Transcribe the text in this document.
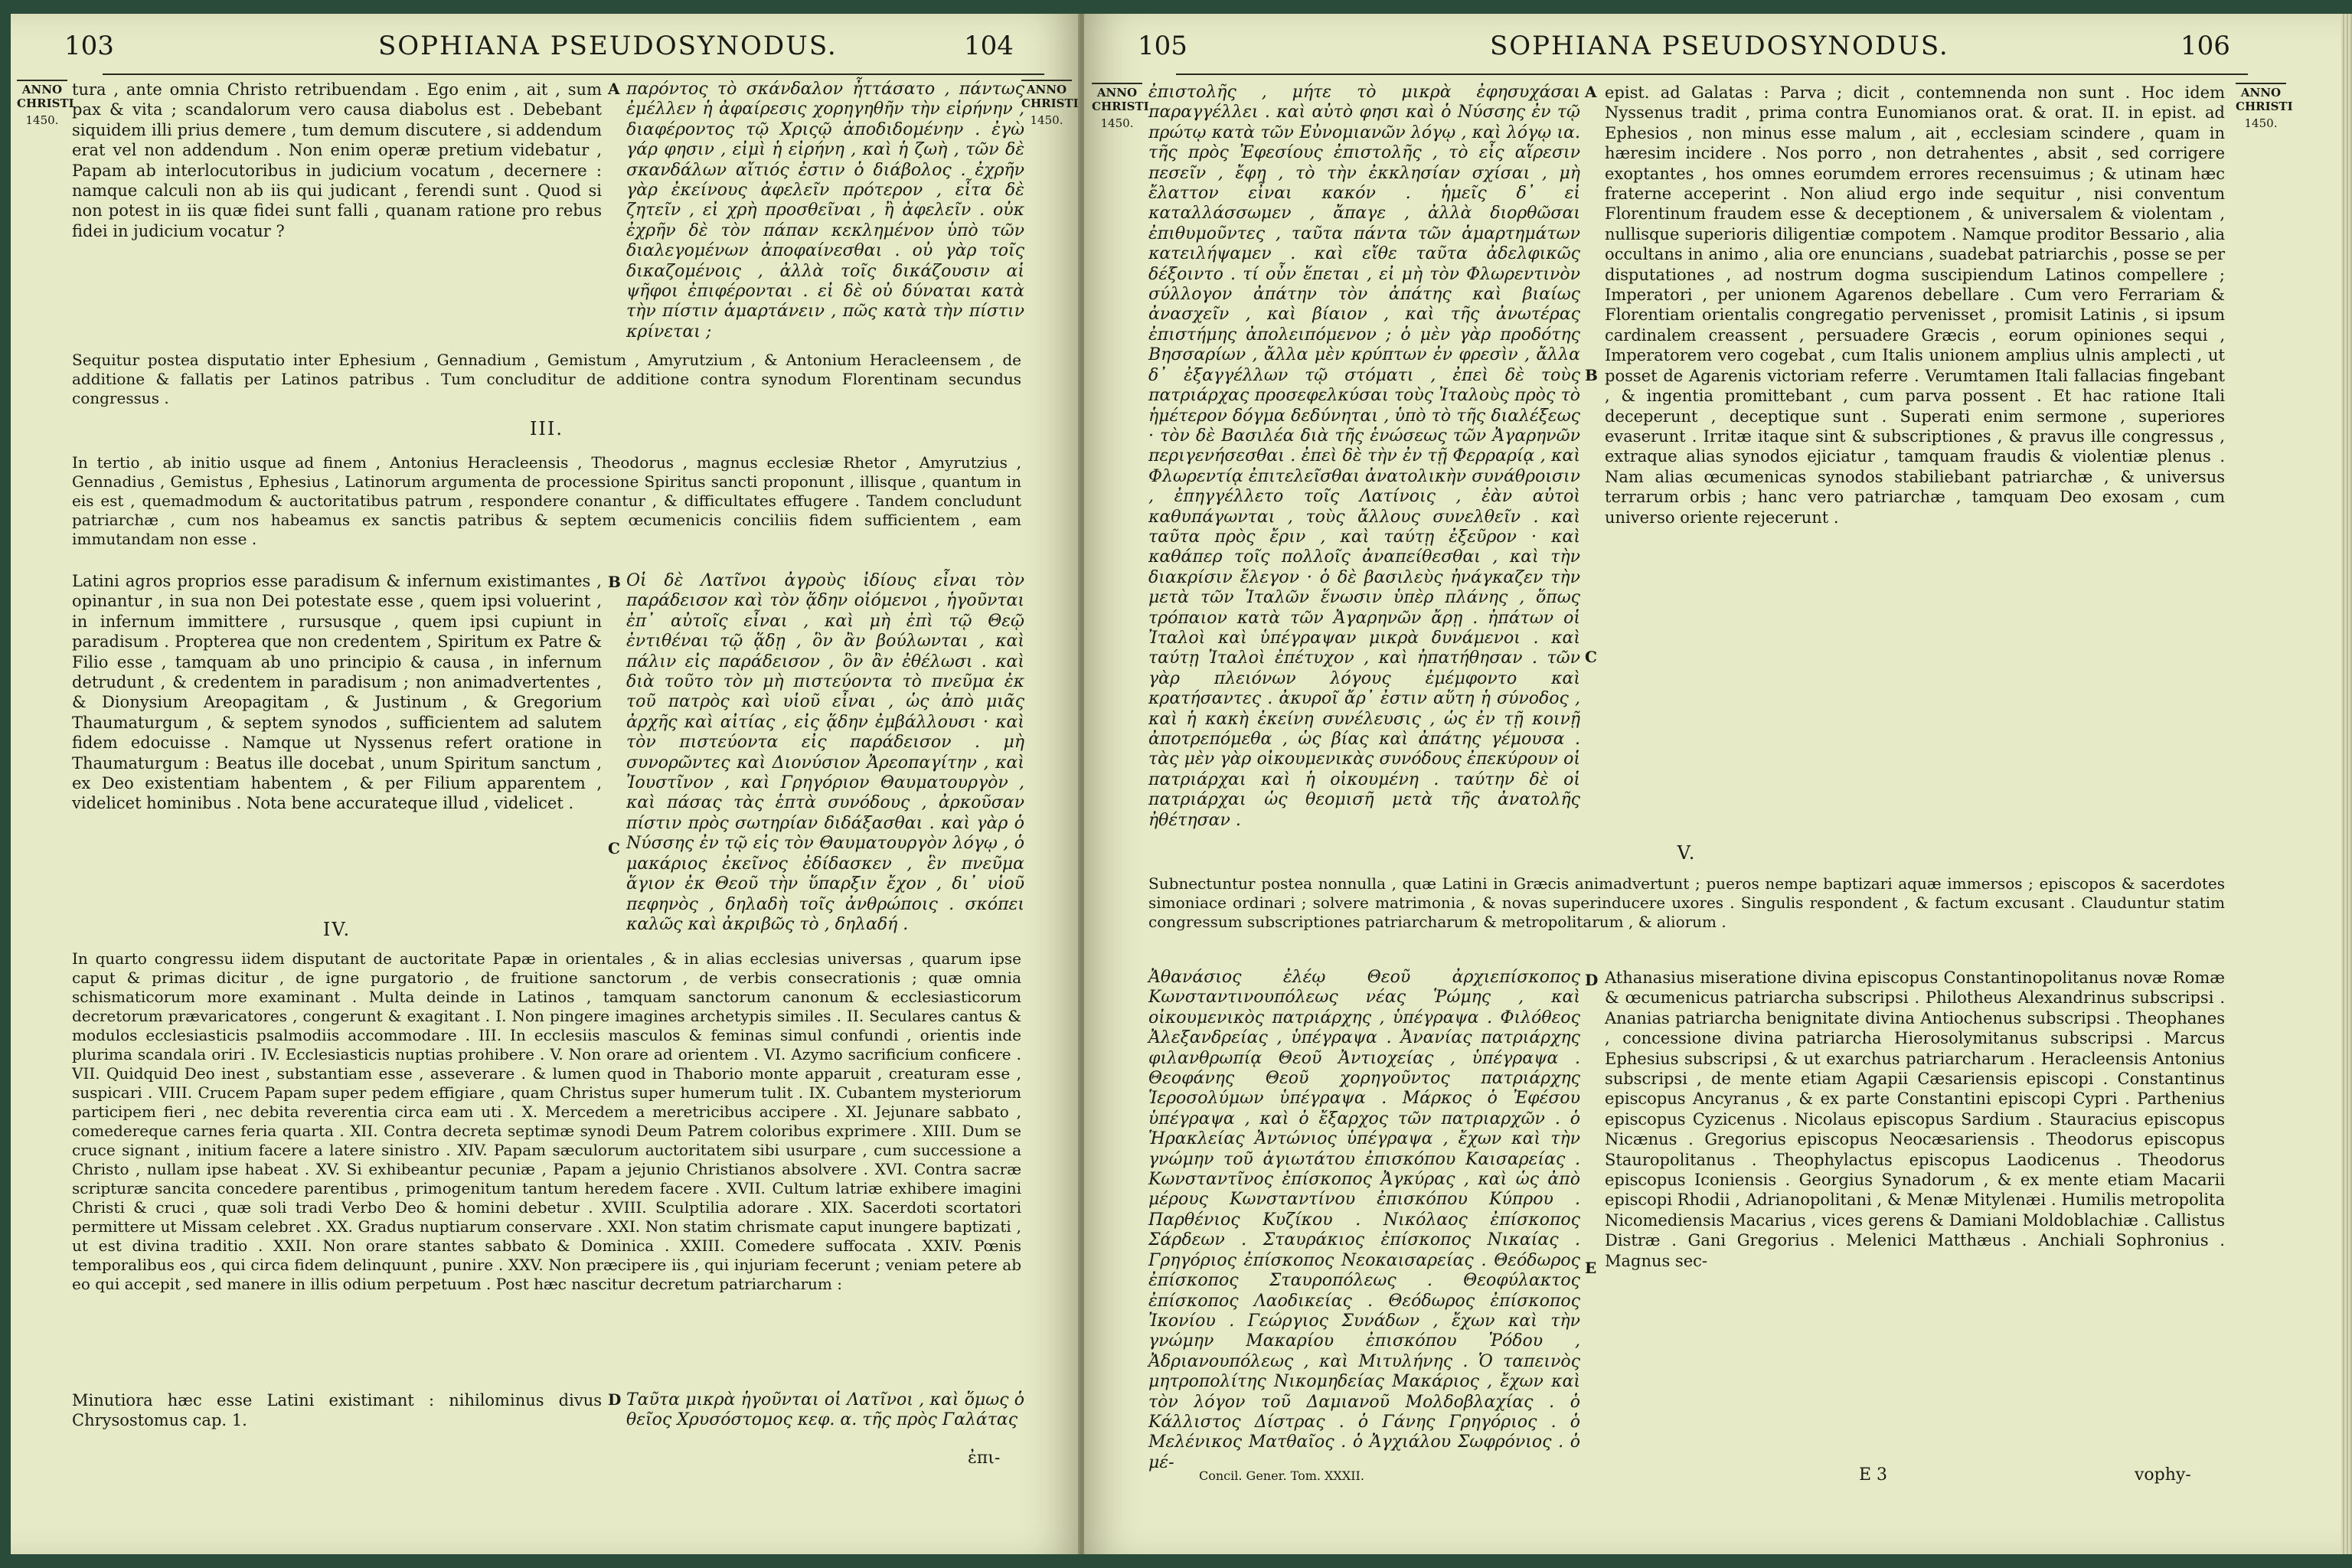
103	SOPHIANA PSEUDOSYNODUS.	104
ANNO
CHRISTI
1450.
ANNO
CHRISTI
1450.
tura , ante omnia Christo retribuendam . Ego enim , ait , sum pax & vita ; scandalorum vero causa diabolus est . Debebant siquidem illi prius demere , tum demum discutere , si addendum erat vel non addendum . Non enim operæ pretium videbatur , Papam ab interlocutoribus in judicium vocatum , decernere : namque calculi non ab iis qui judicant , ferendi sunt . Quod si non potest in iis quæ fidei sunt falli , quanam ratione pro rebus fidei in judicium vocatur ?
A παρόντος τὸ σκάνδαλον ἦττάσατο , πάντως ἐμέλλεν ἡ ἀφαίρεσις χορηγηθῆν τὴν εἰρήνην , διαφέροντος τῷ Χριςῷ ἀποδιδομένην . ἐγὼ γάρ φησιν , εἰμὶ ἡ εἰρήνη , καὶ ἡ ζωὴ , τῶν δὲ σκανδάλων αἴτιός ἐστιν ὁ διάβολος . ἐχρῆν γὰρ ἐκείνους ἀφελεῖν πρότερον , εἶτα δὲ ζητεῖν , εἰ χρὴ προσθεῖναι , ἢ ἀφελεῖν . οὐκ ἐχρῆν δὲ τὸν πάπαν κεκλημένον ὑπὸ τῶν διαλεγομένων ἀποφαίνεσθαι . οὐ γὰρ τοῖς δικαζομένοις , ἀλλὰ τοῖς δικάζουσιν αἱ ψῆφοι ἐπιφέρονται . εἰ δὲ οὐ δύναται κατὰ τὴν πίστιν ἁμαρτάνειν , πῶς κατὰ τὴν πίστιν κρίνεται ;
Sequitur postea disputatio inter Ephesium , Gennadium , Gemistum , Amyrutzium , & Antonium Heracleensem , de additione & fallatis per Latinos patribus . Tum concluditur de additione contra synodum Florentinam secundus congressus .
III.
In tertio , ab initio usque ad finem , Antonius Heracleensis , Theodorus , magnus ecclesiæ Rhetor , Amyrutzius , Gennadius , Gemistus , Ephesius , Latinorum argumenta de processione Spiritus sancti proponunt , illisque , quantum in eis est , quemadmodum & auctoritatibus patrum , respondere conantur , & difficultates effugere . Tandem concludunt patriarchæ , cum nos habeamus ex sanctis patribus & septem œcumenicis conciliis fidem sufficientem , eam immutandam non esse .
Latini agros proprios esse paradisum & infernum existimantes , opinantur , in sua non Dei potestate esse , quem ipsi voluerint , in infernum immittere , rursusque , quem ipsi cupiunt in paradisum . Propterea que non credentem , Spiritum ex Patre & Filio esse , tamquam ab uno principio & causa , in infernum detrudunt , & credentem in paradisum ; non animadvertentes , & Dionysium Areopagitam , & Justinum , & Gregorium Thaumaturgum , & septem synodos , sufficientem ad salutem fidem edocuisse . Namque ut Nyssenus refert oratione in Thaumaturgum : Beatus ille docebat , unum Spiritum sanctum , ex Deo existentiam habentem , & per Filium apparentem , videlicet hominibus . Nota bene accurateque illud , videlicet .
B
C
Οἱ δὲ Λατῖνοι ἀγροὺς ἰδίους εἶναι τὸν παράδεισον καὶ τὸν ᾅδην οἰόμενοι , ἡγοῦνται ἐπ᾽ αὐτοῖς εἶναι , καὶ μὴ ἐπὶ τῷ Θεῷ ἐντιθέναι τῷ ᾅδῃ , ὃν ἂν βούλωνται , καὶ πάλιν εἰς παράδεισον , ὃν ἂν ἐθέλωσι . καὶ διὰ τοῦτο τὸν μὴ πιστεύοντα τὸ πνεῦμα ἐκ τοῦ πατρὸς καὶ υἱοῦ εἶναι , ὡς ἀπὸ μιᾶς ἀρχῆς καὶ αἰτίας , εἰς ᾅδην ἐμβάλλουσι · καὶ τὸν πιστεύοντα εἰς παράδεισον . μὴ συνορῶντες καὶ Διονύσιον Ἀρεοπαγίτην , καὶ Ἰουστῖνον , καὶ Γρηγόριον Θαυματουργὸν , καὶ πάσας τὰς ἑπτὰ συνόδους , ἀρκοῦσαν πίστιν πρὸς σωτηρίαν διδάξασθαι . καὶ γὰρ ὁ Νύσσης ἐν τῷ εἰς τὸν Θαυματουργὸν λόγῳ , ὁ μακάριος ἐκεῖνος ἐδίδασκεν , ἓν πνεῦμα ἅγιον ἐκ Θεοῦ τὴν ὕπαρξιν ἔχον , δι᾽ υἱοῦ πεφηνὸς , δηλαδὴ τοῖς ἀνθρώποις . σκόπει καλῶς καὶ ἀκριβῶς τὸ , δηλαδή .
IV.
In quarto congressu iidem disputant de auctoritate Papæ in orientales , & in alias ecclesias universas , quarum ipse caput & primas dicitur , de igne purgatorio , de fruitione sanctorum , de verbis consecrationis ; quæ omnia schismaticorum more examinant . Multa deinde in Latinos , tamquam sanctorum canonum & ecclesiasticorum decretorum prævaricatores , congerunt & exagitant . I. Non pingere imagines archetypis similes . II. Seculares cantus & modulos ecclesiasticis psalmodiis accommodare . III. In ecclesiis masculos & feminas simul confundi , orientis inde plurima scandala oriri . IV. Ecclesiasticis nuptias prohibere . V. Non orare ad orientem . VI. Azymo sacrificium conficere . VII. Quidquid Deo inest , substantiam esse , asseverare . & lumen quod in Thaborio monte apparuit , creaturam esse , suspicari . VIII. Crucem Papam super pedem effigiare , quam Christus super humerum tulit . IX. Cubantem mysteriorum participem fieri , nec debita reverentia circa eam uti . X. Mercedem a meretricibus accipere . XI. Jejunare sabbato , comedereque carnes feria quarta . XII. Contra decreta septimæ synodi Deum Patrem coloribus exprimere . XIII. Dum se cruce signant , initium facere a latere sinistro . XIV. Papam sæculorum auctoritatem sibi usurpare , cum successione a Christo , nullam ipse habeat . XV. Si exhibeantur pecuniæ , Papam a jejunio Christianos absolvere . XVI. Contra sacræ scripturæ sancita concedere parentibus , primogenitum tantum heredem facere . XVII. Cultum latriæ exhibere imagini Christi & cruci , quæ soli tradi Verbo Deo & homini debetur . XVIII. Sculptilia adorare . XIX. Sacerdoti scortatori permittere ut Missam celebret . XX. Gradus nuptiarum conservare . XXI. Non statim chrismate caput inungere baptizati , ut est divina traditio . XXII. Non orare stantes sabbato & Dominica . XXIII. Comedere suffocata . XXIV. Pœnis temporalibus eos , qui circa fidem delinquunt , punire . XXV. Non præcipere iis , qui injuriam fecerunt ; veniam petere ab eo qui accepit , sed manere in illis odium perpetuum . Post hæc nascitur decretum patriarcharum :
Minutiora hæc esse Latini existimant : nihilominus divus Chrysostomus cap. 1.
D Ταῦτα μικρὰ ἡγοῦνται οἱ Λατῖνοι , καὶ ὅμως ὁ θεῖος Χρυσόστομος κεφ. α. τῆς πρὸς Γαλάτας
ἐπι-
105	SOPHIANA PSEUDOSYNODUS.	106
ANNO
CHRISTI
1450.
ANNO
CHRISTI
1450.
ἐπιστολῆς , μήτε τὸ μικρὰ ἐφησυχάσαι παραγγέλλει . καὶ αὐτὸ φησι καὶ ὁ Νύσσης ἐν τῷ πρώτῳ κατὰ τῶν Εὐνομιανῶν λόγῳ , καὶ λόγῳ ια. τῆς πρὸς Ἐφεσίους ἐπιστολῆς , τὸ εἶς αἵρεσιν πεσεῖν , ἔφη , τὸ τὴν ἐκκλησίαν σχίσαι , μὴ ἔλαττον εἶναι κακόν . ἡμεῖς δ᾽ εἰ καταλλάσσωμεν , ἄπαγε , ἀλλὰ διορθῶσαι ἐπιθυμοῦντες , ταῦτα πάντα τῶν ἁμαρτημάτων κατειλήψαμεν . καὶ εἴθε ταῦτα ἀδελφικῶς δέξοιντο . τί οὖν ἕπεται , εἰ μὴ τὸν Φλωρεντινὸν σύλλογον ἀπάτην τὸν ἀπάτης καὶ βιαίως ἀνασχεῖν , καὶ βίαιον , καὶ τῆς ἀνωτέρας ἐπιστήμης ἀπολειπόμενον ; ὁ μὲν γὰρ προδότης Βησσαρίων , ἄλλα μὲν κρύπτων ἐν φρεσὶν , ἄλλα δ᾽ ἐξαγγέλλων τῷ στόματι , ἐπεὶ δὲ τοὺς πατριάρχας προσεφελκύσαι τοὺς Ἰταλοὺς πρὸς τὸ ἡμέτερον δόγμα δεδύνηται , ὑπὸ τὸ τῆς διαλέξεως · τὸν δὲ Βασιλέα διὰ τῆς ἑνώσεως τῶν Ἀγαρηνῶν περιγενήσεσθαι . ἐπεὶ δὲ τὴν ἐν τῇ Φερραρίᾳ , καὶ Φλωρεντίᾳ ἐπιτελεῖσθαι ἀνατολικὴν συνάθροισιν , ἐπηγγέλλετο τοῖς Λατίνοις , ἐὰν αὐτοὶ καθυπάγωνται , τοὺς ἄλλους συνελθεῖν . καὶ ταῦτα πρὸς ἔριν , καὶ ταύτῃ ἐξεῦρον · καὶ καθάπερ τοῖς πολλοῖς ἀναπείθεσθαι , καὶ τὴν διακρίσιν ἔλεγον · ὁ δὲ βασιλεὺς ἠνάγκαζεν τὴν μετὰ τῶν Ἰταλῶν ἕνωσιν ὑπὲρ πλάνης , ὅπως τρόπαιον κατὰ τῶν Ἀγαρηνῶν ἄρῃ . ἠπάτων οἱ Ἰταλοὶ καὶ ὑπέγραψαν μικρὰ δυνάμενοι . καὶ ταύτῃ Ἰταλοὶ ἐπέτυχον , καὶ ἠπατήθησαν . τῶν γὰρ πλειόνων λόγους ἐμέμφοντο καὶ κρατήσαντες . ἀκυροῖ ἄρ᾽ ἐστιν αὕτη ἡ σύνοδος , καὶ ἡ κακὴ ἐκείνη συνέλευσις , ὡς ἐν τῇ κοινῇ ἀποτρεπόμεθα , ὡς βίας καὶ ἀπάτης γέμουσα . τὰς μὲν γὰρ οἰκουμενικὰς συνόδους ἐπεκύρουν οἱ πατριάρχαι καὶ ἡ οἰκουμένη . ταύτην δὲ οἱ πατριάρχαι ὡς θεομισῆ μετὰ τῆς ἀνατολῆς ἠθέτησαν .
A
B
C
epist. ad Galatas : Parva ; dicit , contemnenda non sunt . Hoc idem Nyssenus tradit , prima contra Eunomianos orat. & orat. II. in epist. ad Ephesios , non minus esse malum , ait , ecclesiam scindere , quam in hæresim incidere . Nos porro , non detrahentes , absit , sed corrigere exoptantes , hos omnes eorumdem errores recensuimus ; & utinam hæc fraterne acceperint . Non aliud ergo inde sequitur , nisi conventum Florentinum fraudem esse & deceptionem , & universalem & violentam , nullisque superioris diligentiæ compotem . Namque proditor Bessario , alia occultans in animo , alia ore enuncians , suadebat patriarchis , posse se per disputationes , ad nostrum dogma suscipiendum Latinos compellere ; Imperatori , per unionem Agarenos debellare . Cum vero Ferrariam & Florentiam orientalis congregatio pervenisset , promisit Latinis , si ipsum cardinalem creassent , persuadere Græcis , eorum opiniones sequi , Imperatorem vero cogebat , cum Italis unionem amplius ulnis amplecti , ut posset de Agarenis victoriam referre . Verumtamen Itali fallacias fingebant , & ingentia promittebant , cum parva possent . Et hac ratione Itali deceperunt , deceptique sunt . Superati enim sermone , superiores evaserunt . Irritæ itaque sint & subscriptiones , & pravus ille congressus , extraque alias synodos ejiciatur , tamquam fraudis & violentiæ plenus . Nam alias œcumenicas synodos stabiliebant patriarchæ , & universus terrarum orbis ; hanc vero patriarchæ , tamquam Deo exosam , cum universo oriente rejecerunt .
V.
Subnectuntur postea nonnulla , quæ Latini in Græcis animadvertunt ; pueros nempe baptizari aquæ immersos ; episcopos & sacerdotes simoniace ordinari ; solvere matrimonia , & novas superinducere uxores . Singulis respondent , & factum excusant . Clauduntur statim congressum subscriptiones patriarcharum & metropolitarum , & aliorum .
Ἀθανάσιος ἐλέῳ Θεοῦ ἀρχιεπίσκοπος Κωνσταντινουπόλεως νέας Ῥώμης , καὶ οἰκουμενικὸς πατριάρχης , ὑπέγραψα . Φιλόθεος Ἀλεξανδρείας , ὑπέγραψα . Ἀνανίας πατριάρχης φιλανθρωπίᾳ Θεοῦ Ἀντιοχείας , ὑπέγραψα . Θεοφάνης Θεοῦ χορηγοῦντος πατριάρχης Ἱεροσολύμων ὑπέγραψα . Μάρκος ὁ Ἐφέσου ὑπέγραψα , καὶ ὁ ἔξαρχος τῶν πατριαρχῶν . ὁ Ἡρακλείας Ἀντώνιος ὑπέγραψα , ἔχων καὶ τὴν γνώμην τοῦ ἁγιωτάτου ἐπισκόπου Καισαρείας . Κωνσταντῖνος ἐπίσκοπος Ἀγκύρας , καὶ ὡς ἀπὸ μέρους Κωνσταντίνου ἐπισκόπου Κύπρου . Παρθένιος Κυζίκου . Νικόλαος ἐπίσκοπος Σάρδεων . Σταυράκιος ἐπίσκοπος Νικαίας . Γρηγόριος ἐπίσκοπος Νεοκαισαρείας . Θεόδωρος ἐπίσκοπος Σταυροπόλεως . Θεοφύλακτος ἐπίσκοπος Λαοδικείας . Θεόδωρος ἐπίσκοπος Ἰκονίου . Γεώργιος Συνάδων , ἔχων καὶ τὴν γνώμην Μακαρίου ἐπισκόπου Ῥόδου , Ἀδριανουπόλεως , καὶ Μιτυλήνης . Ὁ ταπεινὸς μητροπολίτης Νικομηδείας Μακάριος , ἔχων καὶ τὸν λόγον τοῦ Δαμιανοῦ Μολδοβλαχίας . ὁ Κάλλιστος Δίστρας . ὁ Γάνης Γρηγόριος . ὁ Μελένικος Ματθαῖος . ὁ Ἀγχιάλου Σωφρόνιος . ὁ μέ-
D
E
Athanasius miseratione divina episcopus Constantinopolitanus novæ Romæ & œcumenicus patriarcha subscripsi . Philotheus Alexandrinus subscripsi . Ananias patriarcha benignitate divina Antiochenus subscripsi . Theophanes , concessione divina patriarcha Hierosolymitanus subscripsi . Marcus Ephesius subscripsi , & ut exarchus patriarcharum . Heracleensis Antonius subscripsi , de mente etiam Agapii Cæsariensis episcopi . Constantinus episcopus Ancyranus , & ex parte Constantini episcopi Cypri . Parthenius episcopus Cyzicenus . Nicolaus episcopus Sardium . Stauracius episcopus Nicænus . Gregorius episcopus Neocæsariensis . Theodorus episcopus Stauropolitanus . Theophylactus episcopus Laodicenus . Theodorus episcopus Iconiensis . Georgius Synadorum , & ex mente etiam Macarii episcopi Rhodii , Adrianopolitani , & Menæ Mitylenæi . Humilis metropolita Nicomediensis Macarius , vices gerens & Damiani Moldoblachiæ . Callistus Distræ . Gani Gregorius . Melenici Matthæus . Anchiali Sophronius . Magnus sec-
Concil. Gener. Tom. XXXII.	E 3	vophy-
